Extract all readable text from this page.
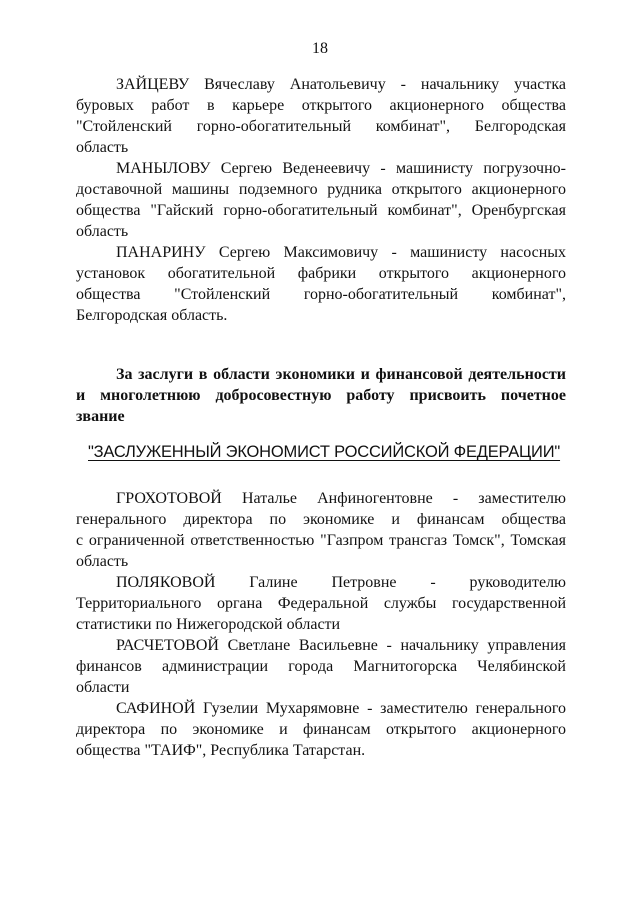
18
ЗАЙЦЕВУ Вячеславу Анатольевичу - начальнику участка
буровых работ в карьере открытого акционерного общества
"Стойленский горно-обогатительный комбинат", Белгородская
область
МАНЫЛОВУ Сергею Веденеевичу - машинисту погрузочно-
доставочной машины подземного рудника открытого акционерного
общества "Гайский горно-обогатительный комбинат", Оренбургская
область
ПАНАРИНУ Сергею Максимовичу - машинисту насосных
установок обогатительной фабрики открытого акционерного
общества "Стойленский горно-обогатительный комбинат",
Белгородская область.
За заслуги в области экономики и финансовой деятельности
и многолетнюю добросовестную работу присвоить почетное
звание
"ЗАСЛУЖЕННЫЙ ЭКОНОМИСТ РОССИЙСКОЙ ФЕДЕРАЦИИ"
ГРОХОТОВОЙ Наталье Анфиногентовне - заместителю
генерального директора по экономике и финансам общества
с ограниченной ответственностью "Газпром трансгаз Томск", Томская
область
ПОЛЯКОВОЙ Галине Петровне - руководителю
Территориального органа Федеральной службы государственной
статистики по Нижегородской области
РАСЧЕТОВОЙ Светлане Васильевне - начальнику управления
финансов администрации города Магнитогорска Челябинской
области
САФИНОЙ Гузелии Мухарямовне - заместителю генерального
директора по экономике и финансам открытого акционерного
общества "ТАИФ", Республика Татарстан.
